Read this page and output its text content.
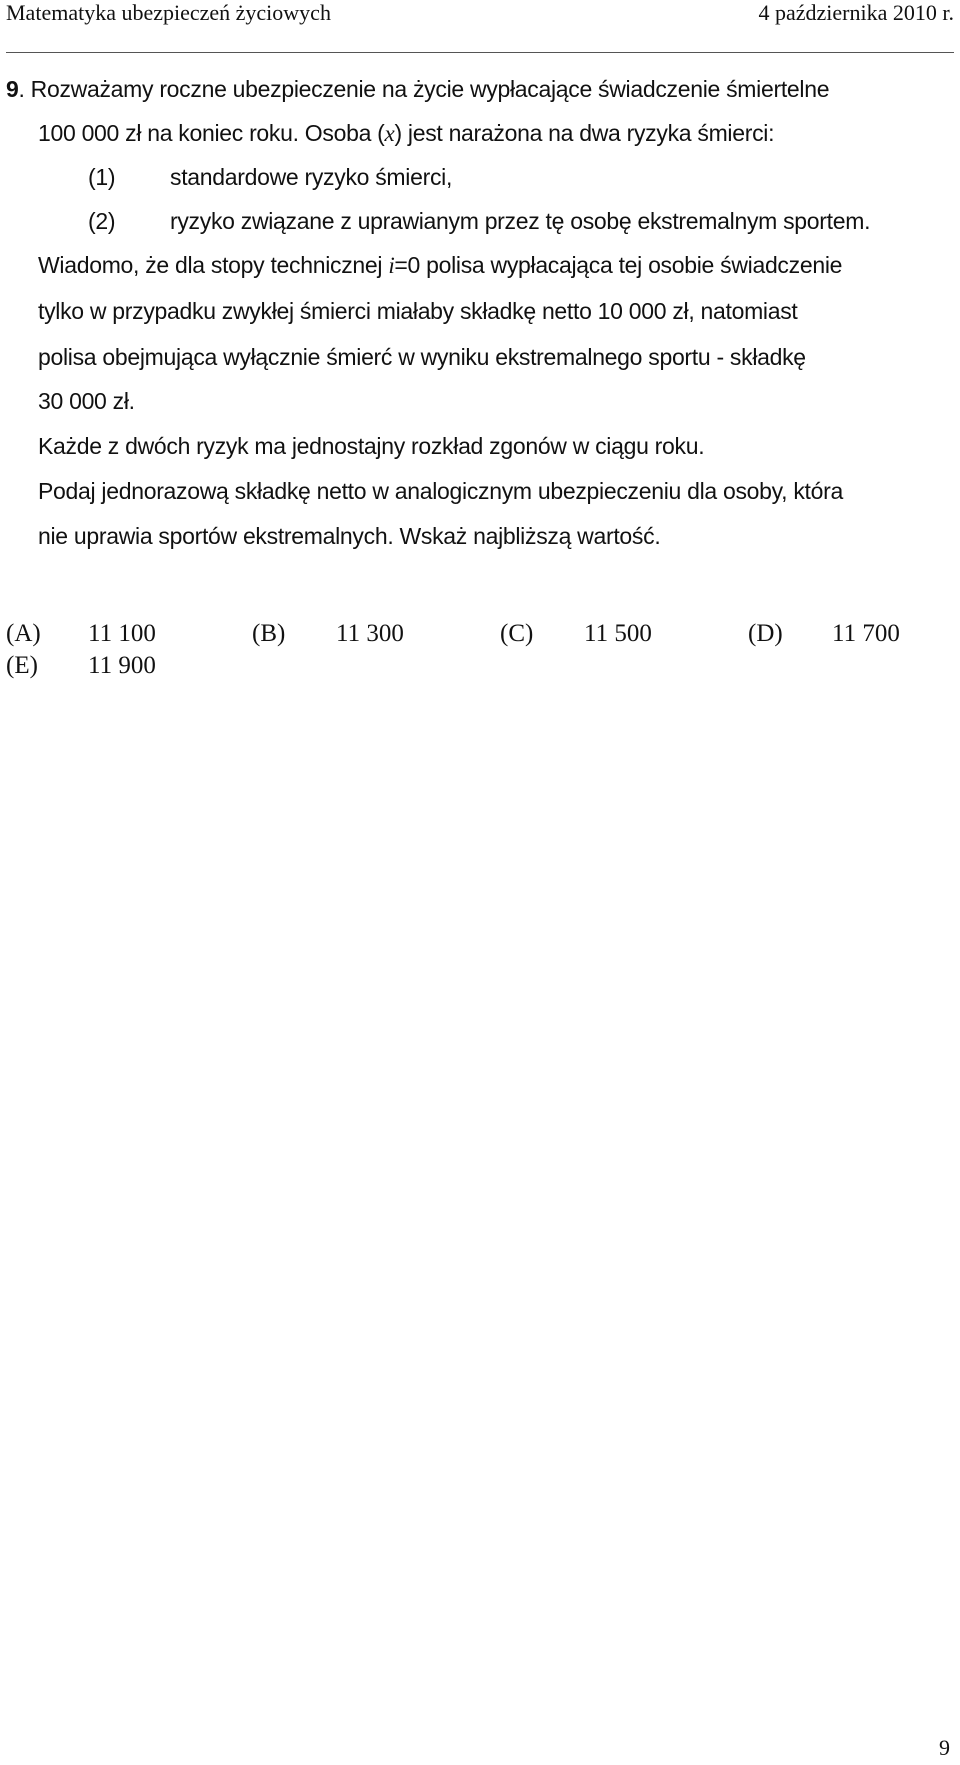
Matematyka ubezpieczeń życiowych	4 października 2010 r.
9. Rozważamy roczne ubezpieczenie na życie wypłacające świadczenie śmiertelne
100 000 zł na koniec roku. Osoba (x) jest narażona na dwa ryzyka śmierci:
(1) standardowe ryzyko śmierci,
(2) ryzyko związane z uprawianym przez tę osobę ekstremalnym sportem.
Wiadomo, że dla stopy technicznej i=0 polisa wypłacająca tej osobie świadczenie
tylko w przypadku zwykłej śmierci miałaby składkę netto 10 000 zł, natomiast
polisa obejmująca wyłącznie śmierć w wyniku ekstremalnego sportu - składkę
30 000 zł.
Każde z dwóch ryzyk ma jednostajny rozkład zgonów w ciągu roku.
Podaj jednorazową składkę netto w analogicznym ubezpieczeniu dla osoby, która
nie uprawia sportów ekstremalnych. Wskaż najbliższą wartość.
(A) 11 100	(B) 11 300	(C) 11 500	(D) 11 700
(E) 11 900
9
